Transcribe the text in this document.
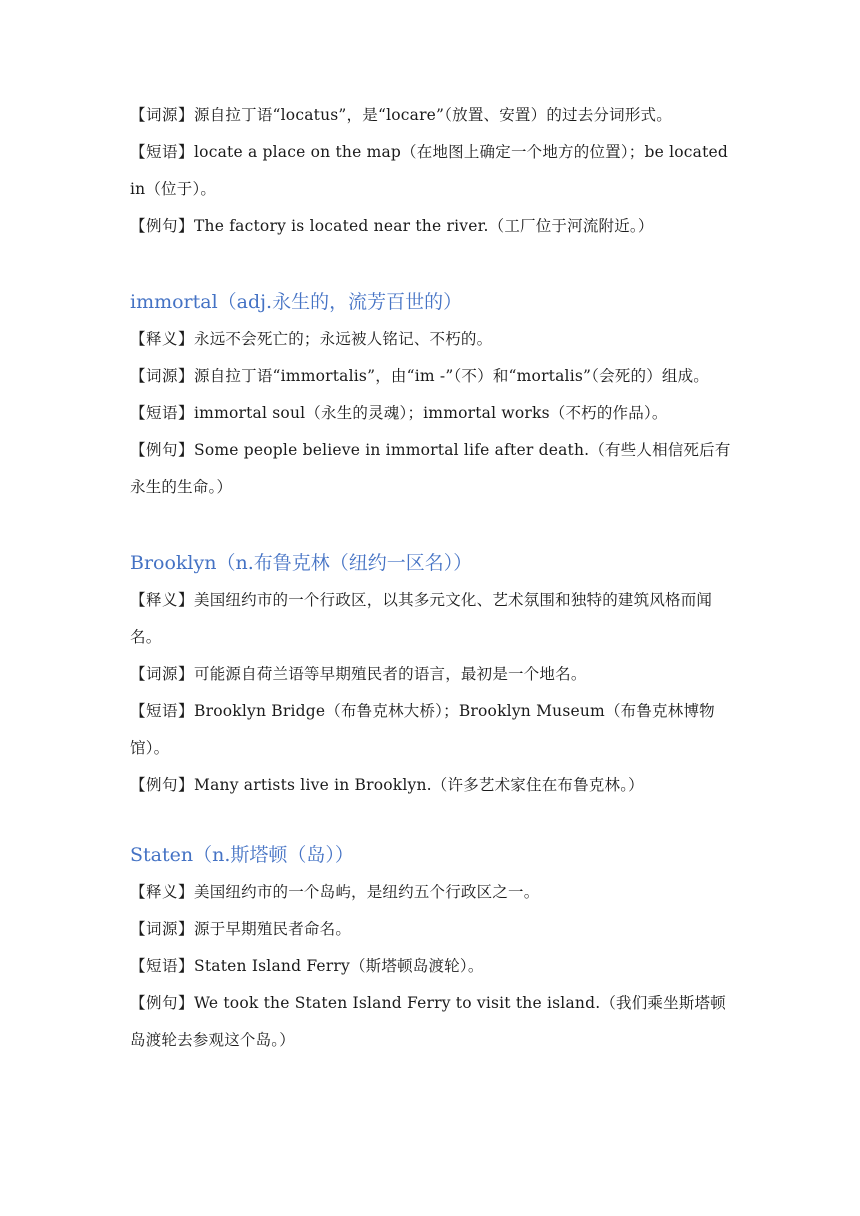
【词源】源自拉丁语“locatus”，是“locare”（放置、安置）的过去分词形式。

【短语】locate a place on the map（在地图上确定一个地方的位置）；be located in（位于）。

【例句】The factory is located near the river.（工厂位于河流附近。）

immortal（adj.永生的，流芳百世的）

【释义】永远不会死亡的；永远被人铭记、不朽的。

【词源】源自拉丁语“immortalis”，由“im -”（不）和“mortalis”（会死的）组成。

【短语】immortal soul（永生的灵魂）；immortal works（不朽的作品）。

【例句】Some people believe in immortal life after death.（有些人相信死后有永生的生命。）

Brooklyn（n.布鲁克林（纽约一区名））

【释义】美国纽约市的一个行政区，以其多元文化、艺术氛围和独特的建筑风格而闻名。

【词源】可能源自荷兰语等早期殖民者的语言，最初是一个地名。

【短语】Brooklyn Bridge（布鲁克林大桥）；Brooklyn Museum（布鲁克林博物馆）。

【例句】Many artists live in Brooklyn.（许多艺术家住在布鲁克林。）

Staten（n.斯塔顿（岛））

【释义】美国纽约市的一个岛屿，是纽约五个行政区之一。

【词源】源于早期殖民者命名。

【短语】Staten Island Ferry（斯塔顿岛渡轮）。

【例句】We took the Staten Island Ferry to visit the island.（我们乘坐斯塔顿岛渡轮去参观这个岛。）
